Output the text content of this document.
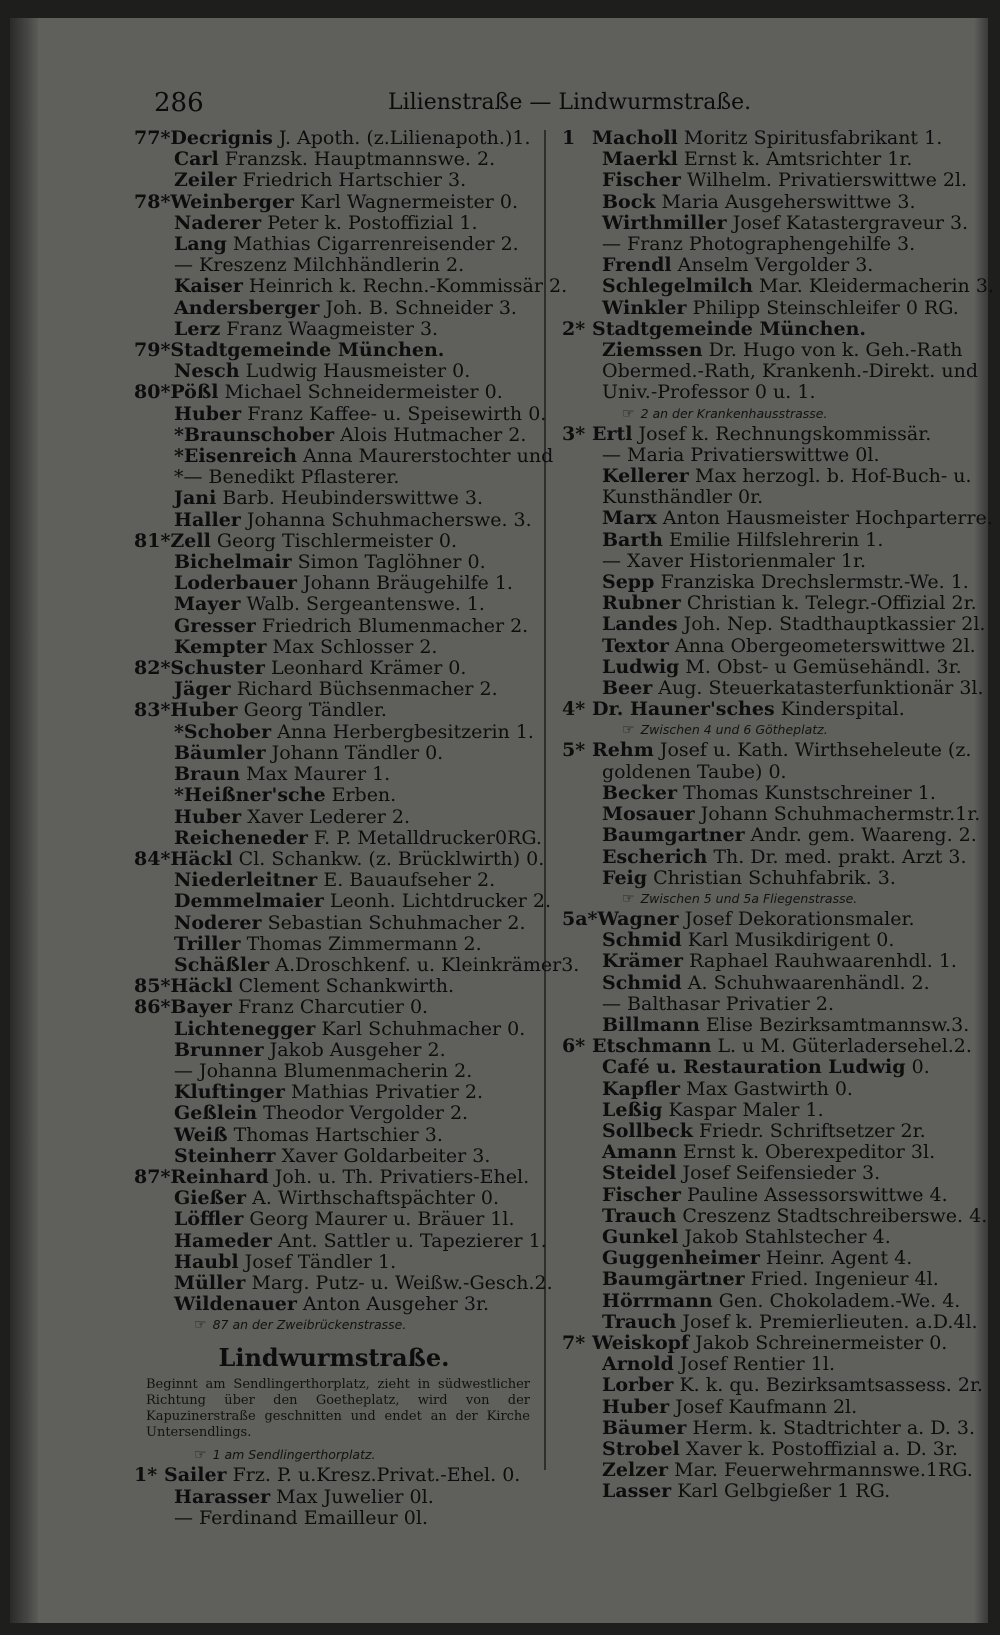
286	Lilienstraße — Lindwurmstraße.
77*Decrignis J. Apoth. (z.Lilienapoth.)1.
Carl Franzsk. Hauptmannswe. 2.
Zeiler Friedrich Hartschier 3.
78*Weinberger Karl Wagnermeister 0.
Naderer Peter k. Postoffizial 1.
Lang Mathias Cigarrenreisender 2.
— Kreszenz Milchhändlerin 2.
Kaiser Heinrich k. Rechn.-Kommissär 2.
Andersberger Joh. B. Schneider 3.
Lerz Franz Waagmeister 3.
79*Stadtgemeinde München.
Nesch Ludwig Hausmeister 0.
80*Pößl Michael Schneidermeister 0.
Huber Franz Kaffee- u. Speisewirth 0.
*Braunschober Alois Hutmacher 2.
*Eisenreich Anna Maurerstochter und
*— Benedikt Pflasterer.
Jani Barb. Heubinderswittwe 3.
Haller Johanna Schuhmacherswe. 3.
81*Zell Georg Tischlermeister 0.
Bichelmair Simon Taglöhner 0.
Loderbauer Johann Bräugehilfe 1.
Mayer Walb. Sergeantenswe. 1.
Gresser Friedrich Blumenmacher 2.
Kempter Max Schlosser 2.
82*Schuster Leonhard Krämer 0.
Jäger Richard Büchsenmacher 2.
83*Huber Georg Tändler.
*Schober Anna Herbergbesitzerin 1.
Bäumler Johann Tändler 0.
Braun Max Maurer 1.
*Heißner'sche Erben.
Huber Xaver Lederer 2.
Reicheneder F. P. Metalldrucker0RG.
84*Häckl Cl. Schankw. (z. Brücklwirth) 0.
Niederleitner E. Bauaufseher 2.
Demmelmaier Leonh. Lichtdrucker 2.
Noderer Sebastian Schuhmacher 2.
Triller Thomas Zimmermann 2.
Schäßler A.Droschkenf. u. Kleinkrämer3.
85*Häckl Clement Schankwirth.
86*Bayer Franz Charcutier 0.
Lichtenegger Karl Schuhmacher 0.
Brunner Jakob Ausgeher 2.
— Johanna Blumenmacherin 2.
Kluftinger Mathias Privatier 2.
Geßlein Theodor Vergolder 2.
Weiß Thomas Hartschier 3.
Steinherr Xaver Goldarbeiter 3.
87*Reinhard Joh. u. Th. Privatiers-Ehel.
Gießer A. Wirthschaftspächter 0.
Löffler Georg Maurer u. Bräuer 1l.
Hameder Ant. Sattler u. Tapezierer 1.
Haubl Josef Tändler 1.
Müller Marg. Putz- u. Weißw.-Gesch.2.
Wildenauer Anton Ausgeher 3r.
☞ 87 an der Zweibrückenstrasse.
Lindwurmstraße.
Beginnt am Sendlingerthorplatz, zieht in südwestlicher Richtung über den Goetheplatz, wird von der Kapuzinerstraße geschnitten und endet an der Kirche Untersendlings.
☞ 1 am Sendlingerthorplatz.
1* Sailer Frz. P. u.Kresz.Privat.-Ehel. 0.
Harasser Max Juwelier 0l.
— Ferdinand Emailleur 0l.
1 Macholl Moritz Spiritusfabrikant 1.
Maerkl Ernst k. Amtsrichter 1r.
Fischer Wilhelm. Privatierswittwe 2l.
Bock Maria Ausgeherswittwe 3.
Wirthmiller Josef Katastergraveur 3.
— Franz Photographengehilfe 3.
Frendl Anselm Vergolder 3.
Schlegelmilch Mar. Kleidermacherin 3.
Winkler Philipp Steinschleifer 0 RG.
2* Stadtgemeinde München.
Ziemssen Dr. Hugo von k. Geh.-Rath
Obermed.-Rath, Krankenh.-Direkt. und
Univ.-Professor 0 u. 1.
☞ 2 an der Krankenhausstrasse.
3* Ertl Josef k. Rechnungskommissär.
— Maria Privatierswittwe 0l.
Kellerer Max herzogl. b. Hof-Buch- u.
Kunsthändler 0r.
Marx Anton Hausmeister Hochparterre.
Barth Emilie Hilfslehrerin 1.
— Xaver Historienmaler 1r.
Sepp Franziska Drechslermstr.-We. 1.
Rubner Christian k. Telegr.-Offizial 2r.
Landes Joh. Nep. Stadthauptkassier 2l.
Textor Anna Obergeometerswittwe 2l.
Ludwig M. Obst- u Gemüsehändl. 3r.
Beer Aug. Steuerkatasterfunktionär 3l.
4* Dr. Hauner'sches Kinderspital.
☞ Zwischen 4 und 6 Götheplatz.
5* Rehm Josef u. Kath. Wirthseheleute (z.
goldenen Taube) 0.
Becker Thomas Kunstschreiner 1.
Mosauer Johann Schuhmachermstr.1r.
Baumgartner Andr. gem. Waareng. 2.
Escherich Th. Dr. med. prakt. Arzt 3.
Feig Christian Schuhfabrik. 3.
☞ Zwischen 5 und 5a Fliegenstrasse.
5a*Wagner Josef Dekorationsmaler.
Schmid Karl Musikdirigent 0.
Krämer Raphael Rauhwaarenhdl. 1.
Schmid A. Schuhwaarenhändl. 2.
— Balthasar Privatier 2.
Billmann Elise Bezirksamtmannsw.3.
6* Etschmann L. u M. Güterladersehel.2.
Café u. Restauration Ludwig 0.
Kapfler Max Gastwirth 0.
Leßig Kaspar Maler 1.
Sollbeck Friedr. Schriftsetzer 2r.
Amann Ernst k. Oberexpeditor 3l.
Steidel Josef Seifensieder 3.
Fischer Pauline Assessorswittwe 4.
Trauch Creszenz Stadtschreiberswe. 4.
Gunkel Jakob Stahlstecher 4.
Guggenheimer Heinr. Agent 4.
Baumgärtner Fried. Ingenieur 4l.
Hörrmann Gen. Chokoladem.-We. 4.
Trauch Josef k. Premierlieuten. a.D.4l.
7* Weiskopf Jakob Schreinermeister 0.
Arnold Josef Rentier 1l.
Lorber K. k. qu. Bezirksamtsassess. 2r.
Huber Josef Kaufmann 2l.
Bäumer Herm. k. Stadtrichter a. D. 3.
Strobel Xaver k. Postoffizial a. D. 3r.
Zelzer Mar. Feuerwehrmannswe.1RG.
Lasser Karl Gelbgießer 1 RG.
